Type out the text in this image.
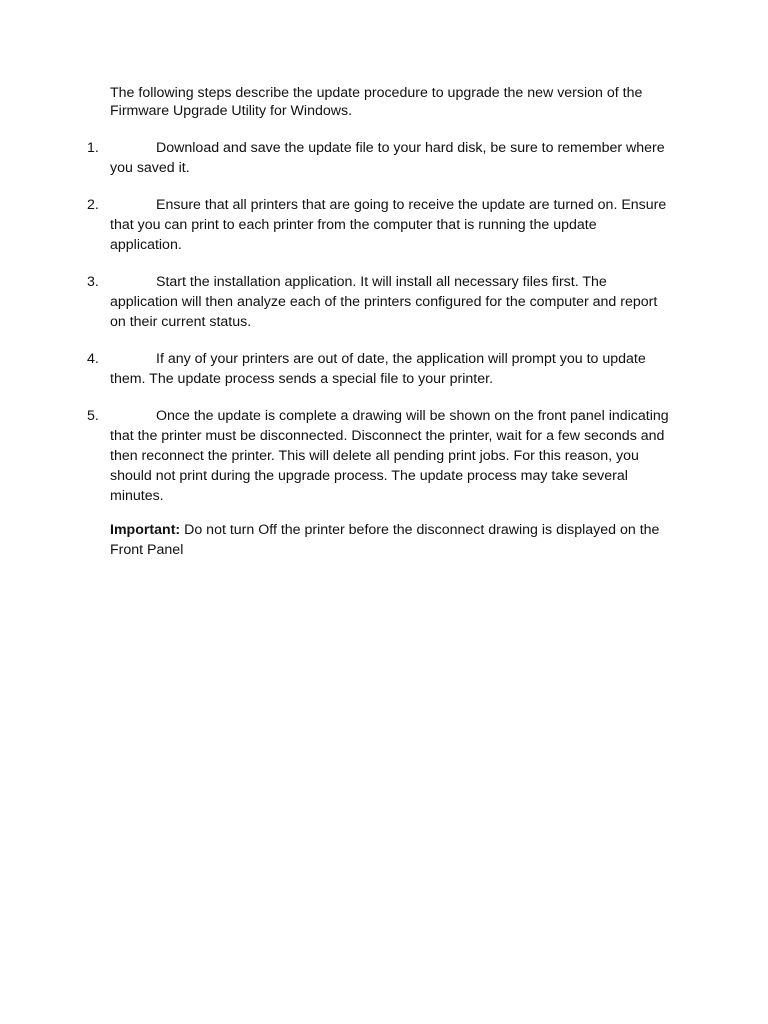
The following steps describe the update procedure to upgrade the new version of the Firmware Upgrade Utility for Windows.

1.	Download and save the update file to your hard disk, be sure to remember where you saved it.
2.	Ensure that all printers that are going to receive the update are turned on. Ensure that you can print to each printer from the computer that is running the update application.
3.	Start the installation application. It will install all necessary files first. The application will then analyze each of the printers configured for the computer and report on their current status.
4.	If any of your printers are out of date, the application will prompt you to update them. The update process sends a special file to your printer.
5.	Once the update is complete a drawing will be shown on the front panel indicating that the printer must be disconnected. Disconnect the printer, wait for a few seconds and then reconnect the printer. This will delete all pending print jobs. For this reason, you should not print during the upgrade process. The update process may take several minutes.

Important: Do not turn Off the printer before the disconnect drawing is displayed on the Front Panel
